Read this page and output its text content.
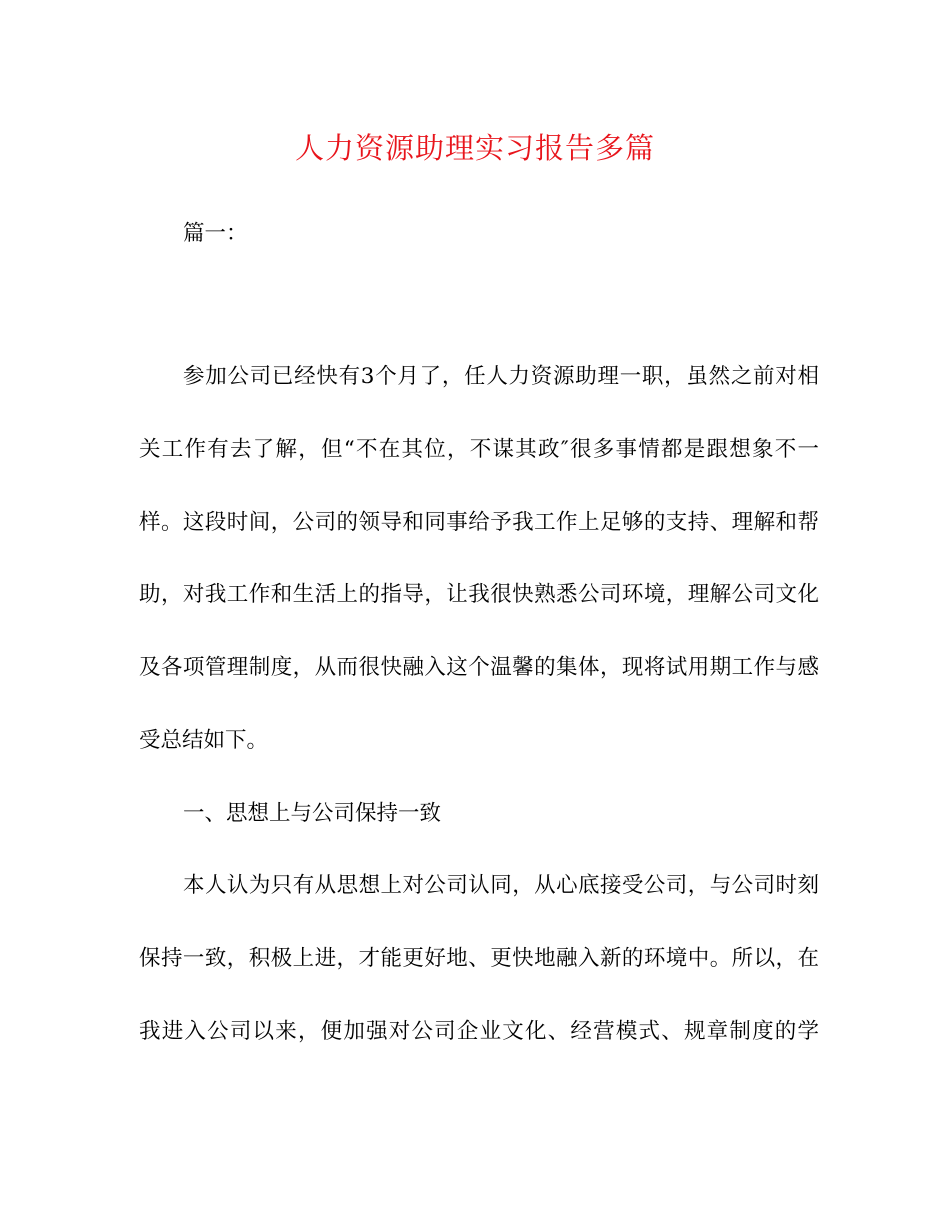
人力资源助理实习报告多篇
篇一：
参加公司已经快有3个月了，任人力资源助理一职，虽然之前对相
关工作有去了解，但“不在其位，不谋其政″很多事情都是跟想象不一
样。这段时间，公司的领导和同事给予我工作上足够的支持、理解和帮
助，对我工作和生活上的指导，让我很快熟悉公司环境，理解公司文化
及各项管理制度，从而很快融入这个温馨的集体，现将试用期工作与感
受总结如下。
一、思想上与公司保持一致
本人认为只有从思想上对公司认同，从心底接受公司，与公司时刻
保持一致，积极上进，才能更好地、更快地融入新的环境中。所以，在
我进入公司以来，便加强对公司企业文化、经营模式、规章制度的学
